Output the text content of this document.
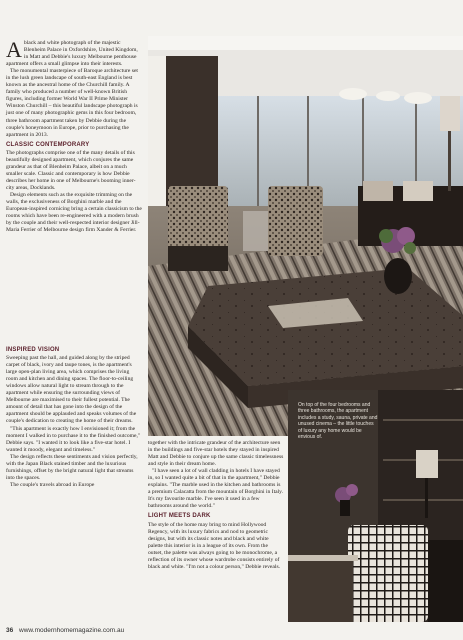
Ablack and white photograph of the majestic Blenheim Palace in Oxfordshire, United Kingdom, in Matt and Debbie's luxury Melbourne penthouse apartment offers a small glimpse into their interests.

The monumental masterpiece of Baroque architecture set in the lush green landscape of south-east England is best known as the ancestral home of the Churchill family. A family who produced a number of well-known British figures, including former World War II Prime Minister Winston Churchill – this beautiful landscape photograph is just one of many photographic gems in this four bedroom, three bathroom apartment taken by Debbie during the couple's honeymoon in Europe, prior to purchasing the apartment in 2013.

CLASSIC CONTEMPORARY

The photographs comprise one of the many details of this beautifully designed apartment, which conjures the same grandeur as that of Blenheim Palace, albeit on a much smaller scale. Classic and contemporary is how Debbie describes her home in one of Melbourne's booming inner-city areas, Docklands.

Design elements such as the exquisite trimming on the walls, the exclusiveness of Borghini marble and the European-inspired cornicing bring a certain classicism to the rooms which have been re-engineered with a modern brush by the couple and their well-respected interior designer Jill-Maria Ferrier of Melbourne design firm Xander & Ferrier.

INSPIRED VISION

Sweeping past the hall, and guided along by the striped carpet of black, ivory and taupe tones, is the apartment's large open-plan living area, which comprises the living room and kitchen and dining spaces. The floor-to-ceiling windows allow natural light to stream through to the apartment while ensuring the surrounding views of Melbourne are maximised to their fullest potential. The amount of detail that has gone into the design of the apartment should be applauded and speaks volumes of the couple's dedication to creating the home of their dreams.

"This apartment is exactly how I envisioned it; from the moment I walked in to purchase it to the finished outcome," Debbie says. "I wanted it to look like a five-star hotel. I wanted it moody, elegant and timeless."

The design reflects these sentiments and vision perfectly, with the Japan Black stained timber and the luxurious furnishings, offset by the bright natural light that streams into the spaces.

The couple's travels abroad in Europe

together with the intricate grandeur of the architecture seen in the buildings and five-star hotels they stayed in inspired Matt and Debbie to conjure up the same classic timelessness and style in their dream home.

"I have seen a lot of wall cladding in hotels I have stayed in, so I wanted quite a bit of that in the apartment," Debbie explains. "The marble used in the kitchen and bathrooms is a premium Calacatta from the mountain of Borghini in Italy. It's my favourite marble. I've seen it used in a few bathrooms around the world."

LIGHT MEETS DARK

The style of the home may bring to mind Hollywood Regency, with its luxury fabrics and nod to geometric designs, but with its classic notes and black and white palette this interior is in a league of its own. From the outset, the palette was always going to be monochrome, a reflection of its owner whose wardrobe consists entirely of black and white. "I'm not a colour person," Debbie reveals.

On top of the four bedrooms and three bathrooms, the apartment includes a study, sauna, private and unused cinema – the little touches of luxury any home would be envious of.
36 www.modernhomemagazine.com.au
